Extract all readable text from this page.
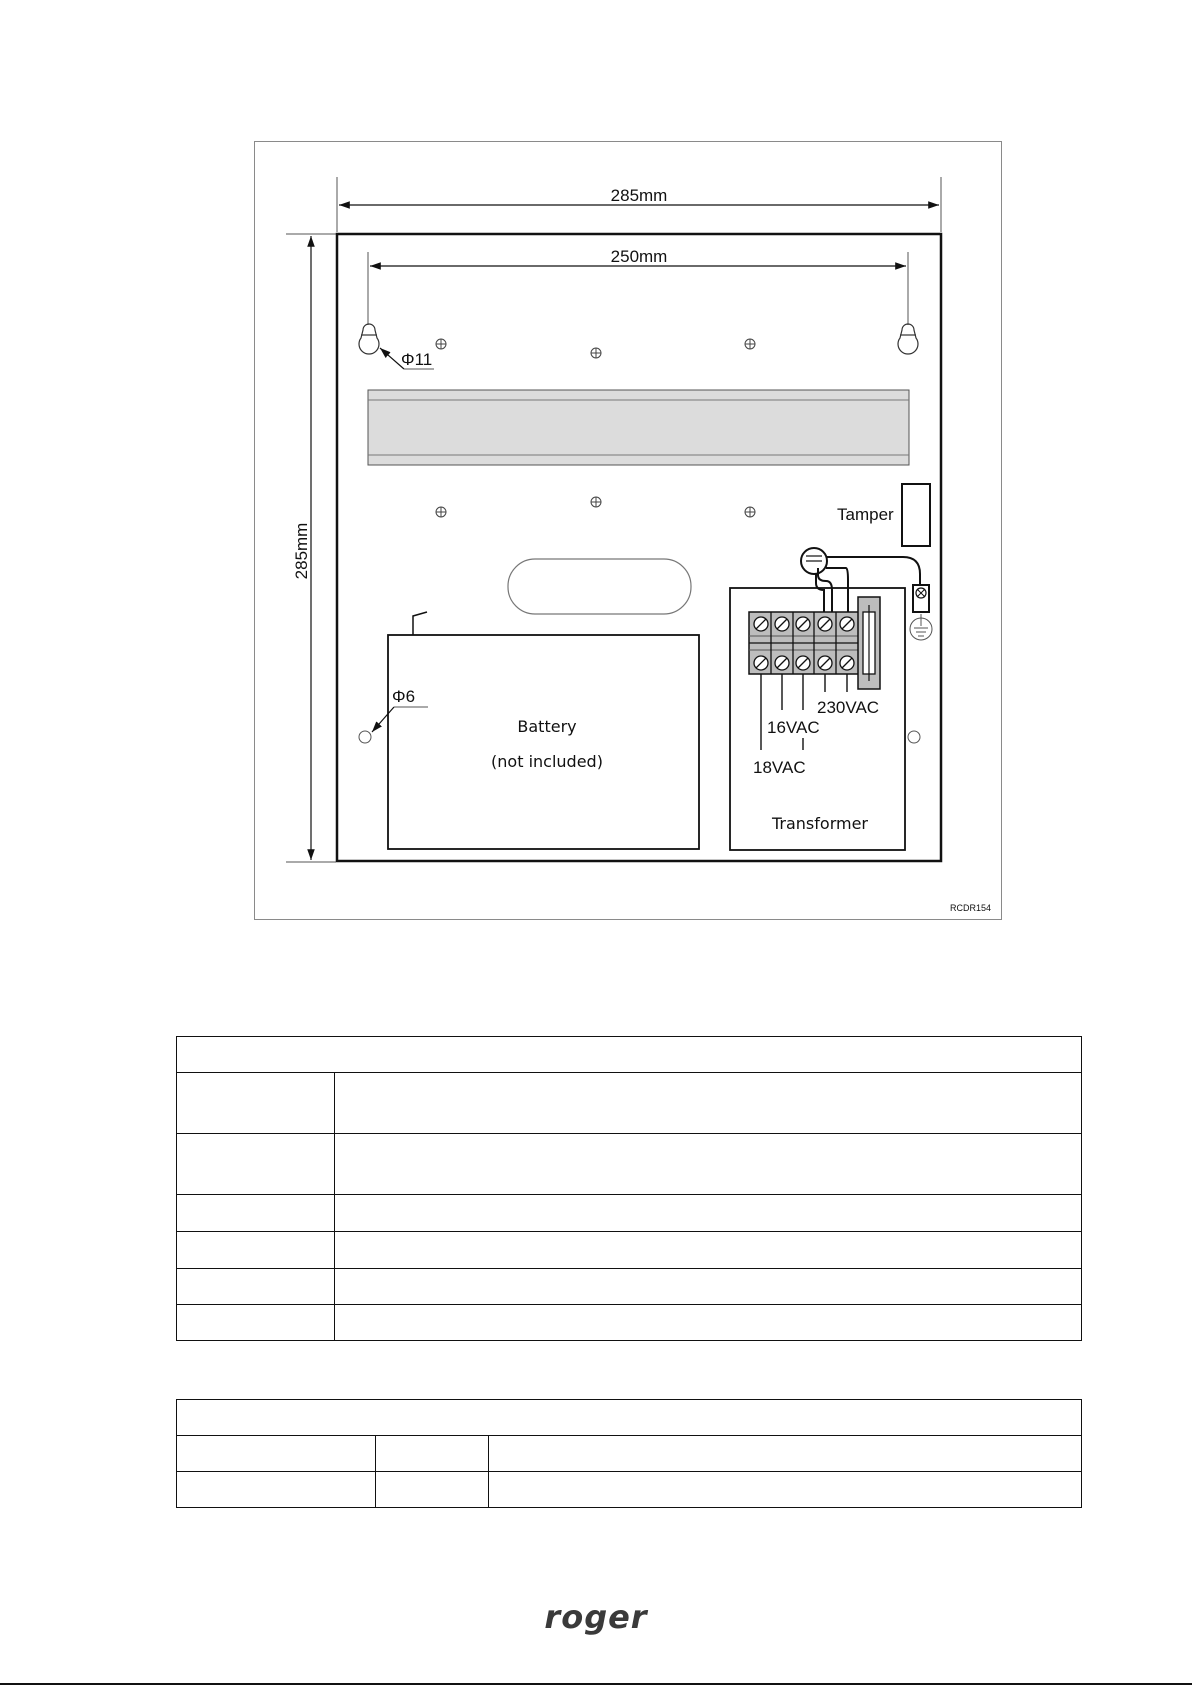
285mm
285mm
250mm
Φ11
Tamper
Battery
(not included)
Φ6
Transformer
230VAC
16VAC
18VAC
RCDR154

roger
